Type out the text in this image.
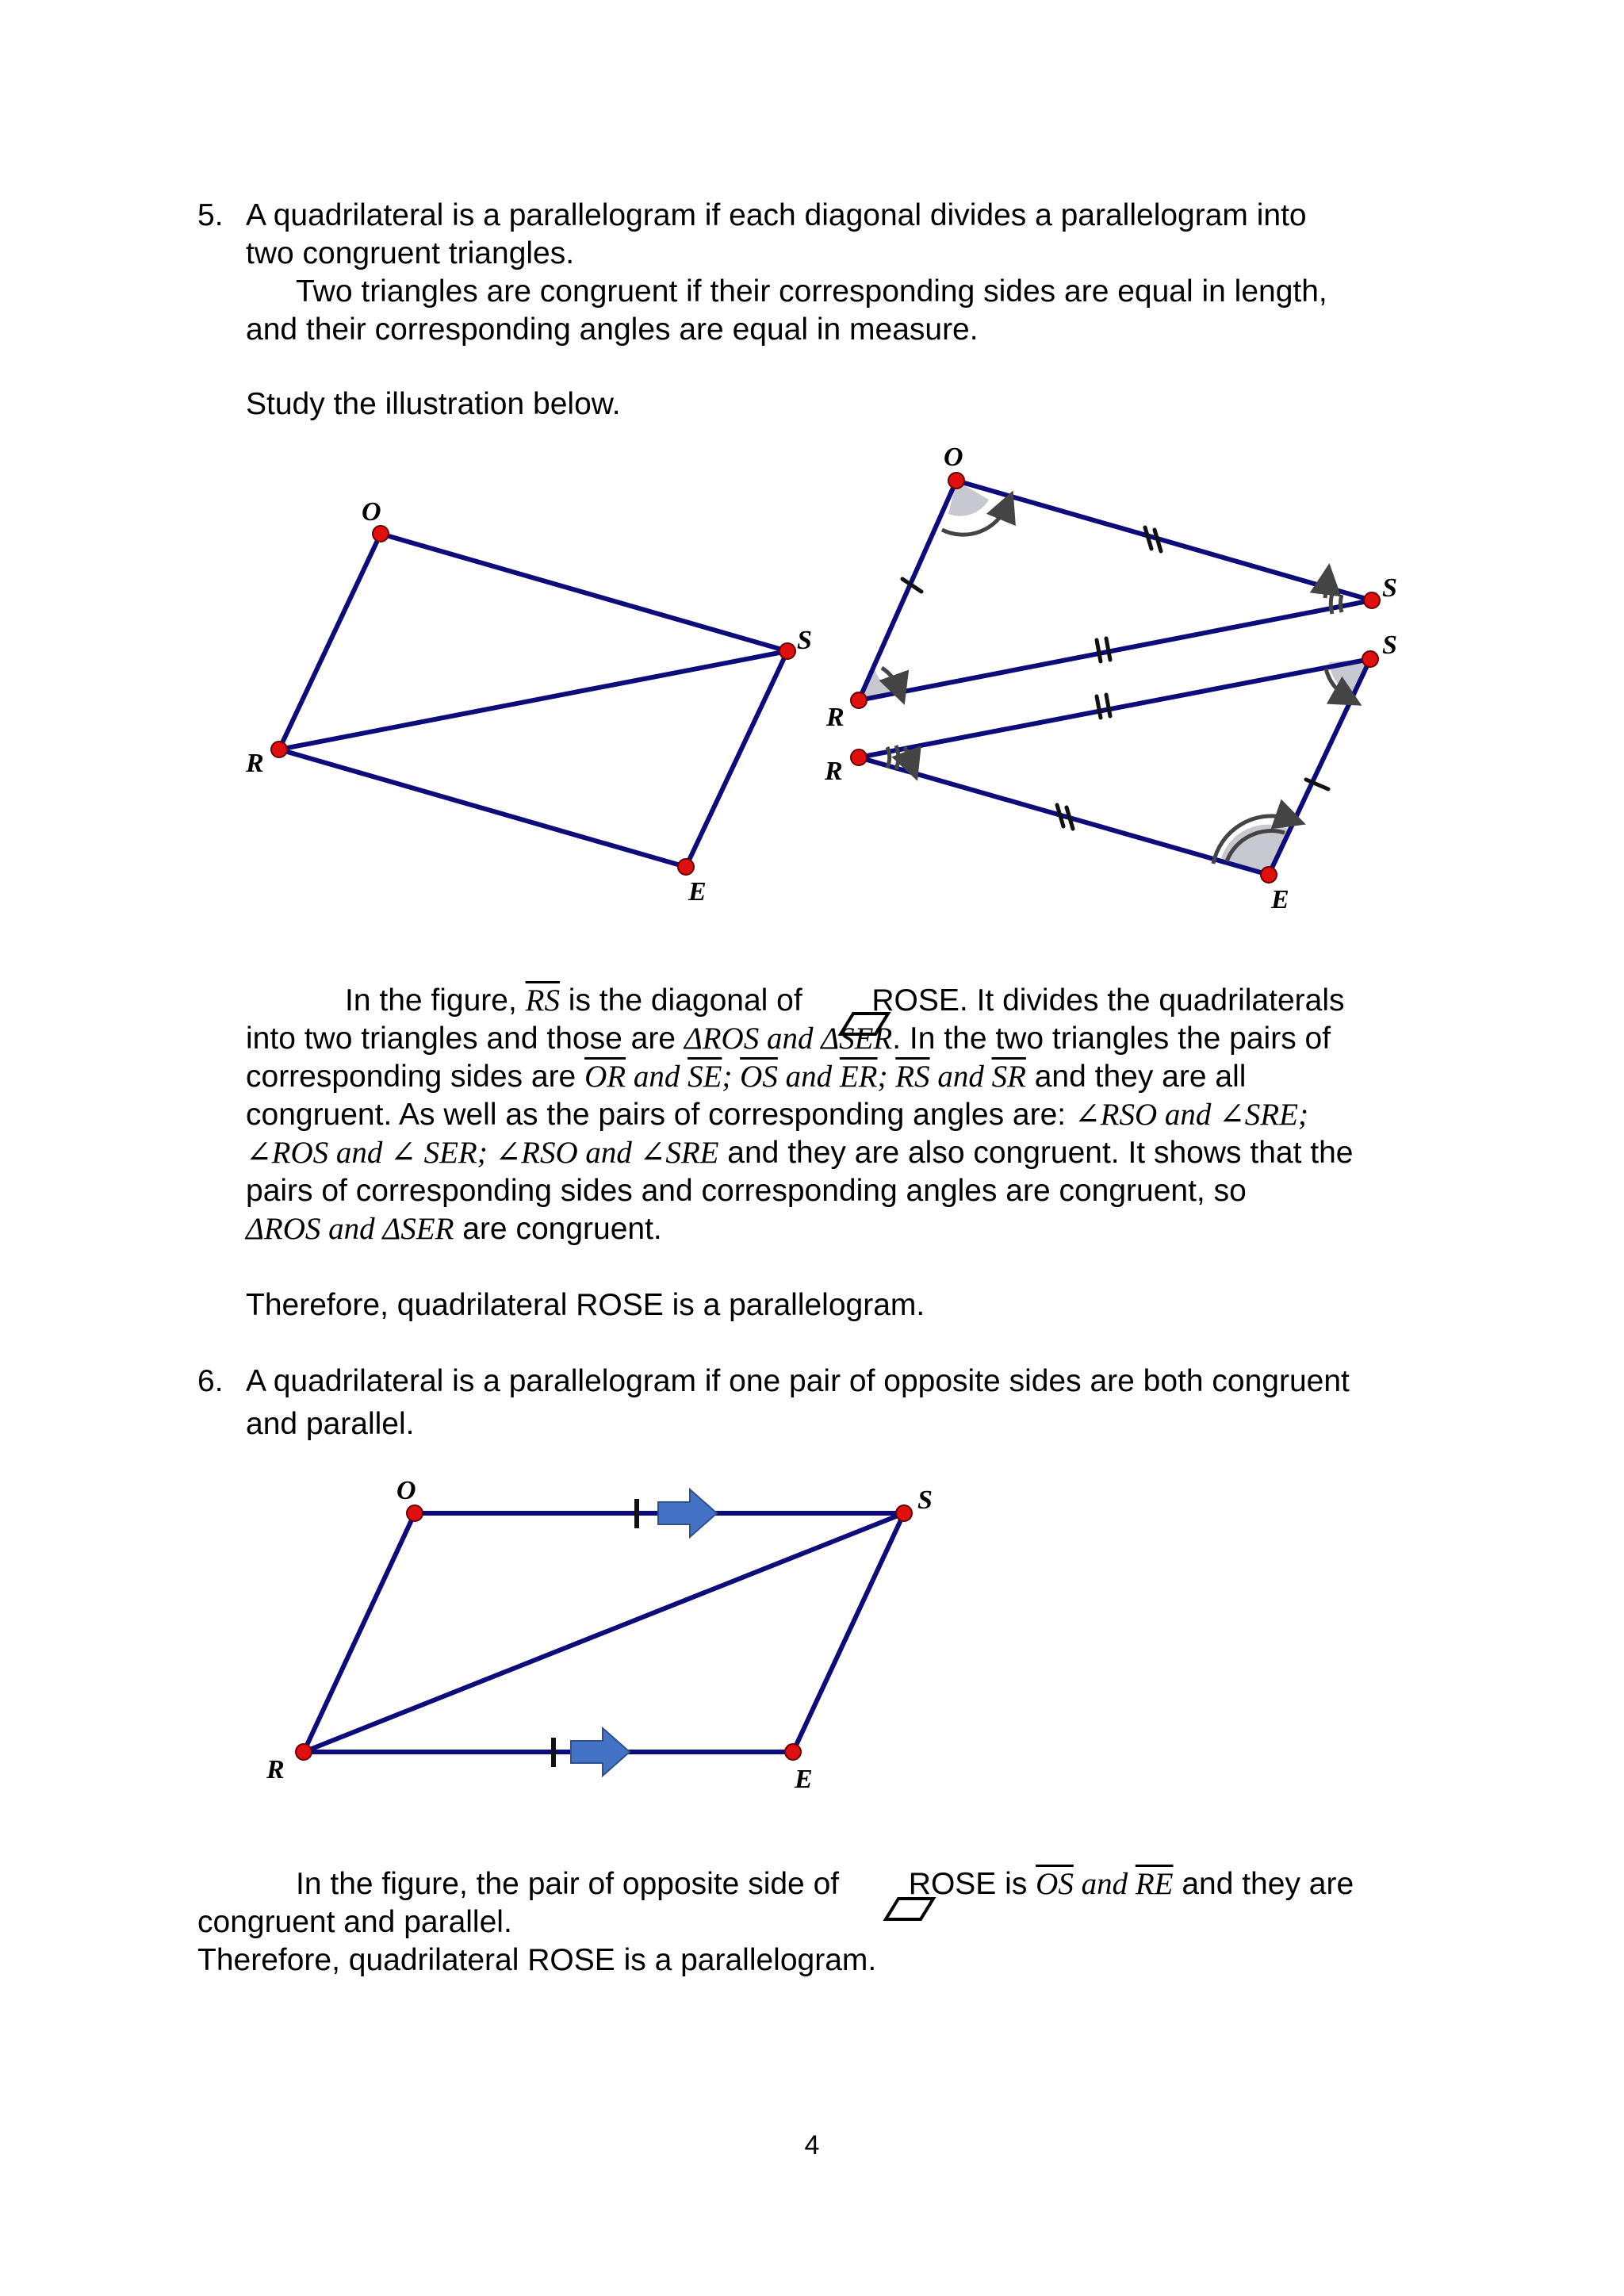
5. A quadrilateral is a parallelogram if each diagonal divides a parallelogram into
two congruent triangles.
Two triangles are congruent if their corresponding sides are equal in length,
and their corresponding angles are equal in measure.
Study the illustration below.
O
S
R
E
O
S
R
S
R
E
O	S
R	E
In the figure, $\overline{RS}$ is the diagonal of  ROSE. It divides the quadrilaterals
into two triangles and those are ΔROS and ΔSER. In the two triangles the pairs of
corresponding sides are $\overline{OR}$ and $\overline{SE}$; $\overline{OS}$ and $\overline{ER}$; $\overline{RS}$ and $\overline{SR}$ and they are all
congruent. As well as the pairs of corresponding angles are: ∠RSO and ∠SRE;
∠ROS and ∠ SER; ∠RSO and ∠SRE and they are also congruent. It shows that the
pairs of corresponding sides and corresponding angles are congruent, so
ΔROS and ΔSER are congruent.
Therefore, quadrilateral ROSE is a parallelogram.
6. A quadrilateral is a parallelogram if one pair of opposite sides are both congruent
and parallel.
In the figure, the pair of opposite side of  ROSE is $\overline{OS}$ and $\overline{RE}$ and they are
congruent and parallel.
Therefore, quadrilateral ROSE is a parallelogram.
4
